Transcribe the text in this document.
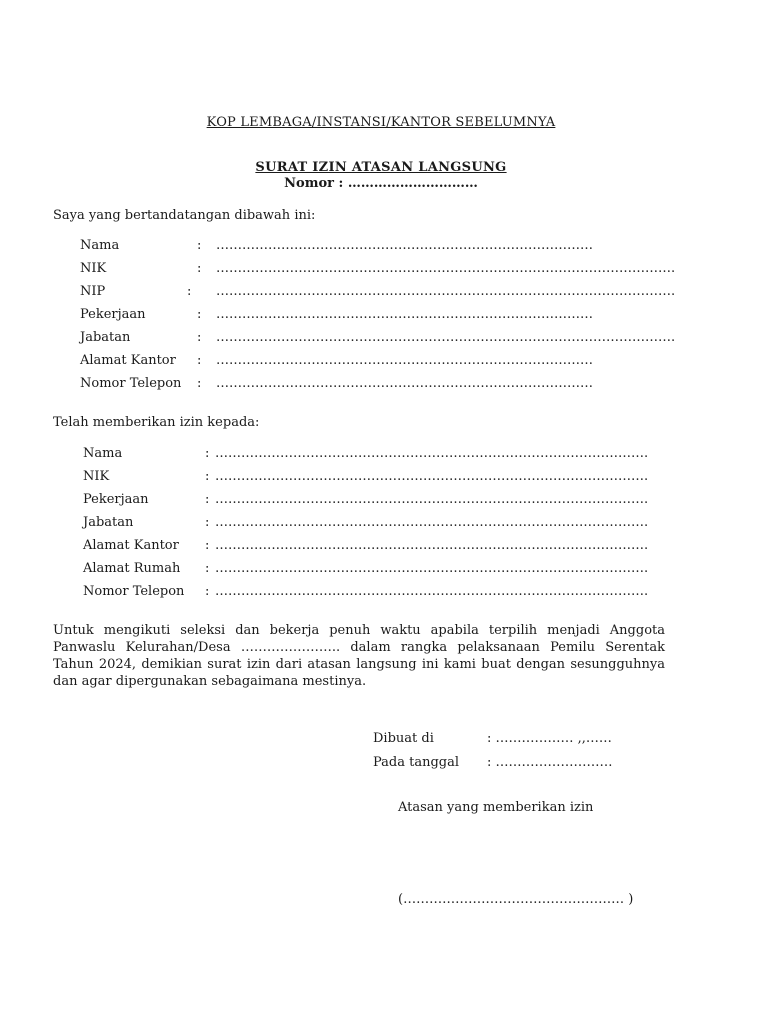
KOP LEMBAGA/INSTANSI/KANTOR SEBELUMNYA
SURAT IZIN ATASAN LANGSUNG
Nomor : …………………………
Saya yang bertandatangan dibawah ini:
Nama	: ……………………………………………………………………………
NIK	: …………………………………………………………………………………………….
NIP	: …………………………………………………………………………………………….
Pekerjaan	: ……………………………………………………………………………
Jabatan	: …………………………………………………………………………………………….
Alamat Kantor : ……………………………………………………………………………
Nomor Telepon : ……………………………………………………………………………
Telah memberikan izin kepada:
Nama	: ……………………………………………………………………………………….
NIK	: ……………………………………………………………………………………….
Pekerjaan	: ……………………………………………………………………………………….
Jabatan	: ……………………………………………………………………………………….
Alamat Kantor : ……………………………………………………………………………………….
Alamat Rumah : ……………………………………………………………………………………….
Nomor Telepon : ……………………………………………………………………………………….
Untuk mengikuti seleksi dan bekerja penuh waktu apabila terpilih menjadi Anggota Panwaslu Kelurahan/Desa ………………….. dalam rangka pelaksanaan Pemilu Serentak Tahun 2024, demikian surat izin dari atasan langsung ini kami buat dengan sesungguhnya dan agar dipergunakan sebagaimana mestinya.
Dibuat di	: ……………… ,,……
Pada tanggal : ………………………
Atasan yang memberikan izin
(…………………………………………… )
